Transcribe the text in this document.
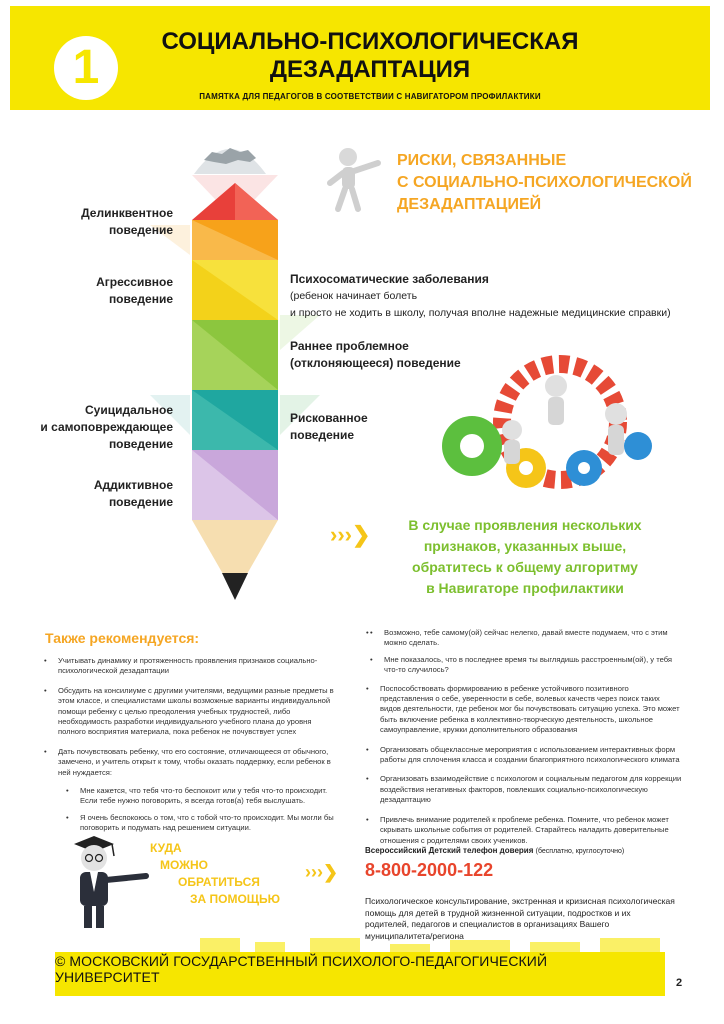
1	СОЦИАЛЬНО-ПСИХОЛОГИЧЕСКАЯ ДЕЗАДАПТАЦИЯ
ПАМЯТКА ДЛЯ ПЕДАГОГОВ В СООТВЕТСТВИИ С НАВИГАТОРОМ ПРОФИЛАКТИКИ
Делинквентное
поведение
Агрессивное
поведение
Суицидальное
и самоповреждающее
поведение
Аддиктивное
поведение
Психосоматические заболевания
(ребенок начинает болеть
и просто не ходить в школу, получая вполне надежные медицинские справки)
Раннее проблемное
(отклоняющееся) поведение
Рискованное
поведение
РИСКИ, СВЯЗАННЫЕ
С СОЦИАЛЬНО-ПСИХОЛОГИЧЕСКОЙ
ДЕЗАДАПТАЦИЕЙ
›››❯	В случае проявления нескольких
признаков, указанных выше,
обратитесь к общему алгоритму
в Навигаторе профилактики
Также рекомендуется:
• Учитывать динамику и протяженность проявления признаков социально-психологической дезадаптации
• Обсудить на консилиуме с другими учителями, ведущими разные предметы в этом классе, и специалистами школы возможные варианты индивидуальной помощи ребенку с целью преодоления учебных трудностей, либо необходимость разработки индивидуального учебного плана до уровня полного восприятия материала, пока ребенок не почувствует успех
• Дать почувствовать ребенку, что его состояние, отличающееся от обычного, замечено, и учитель открыт к тому, чтобы оказать поддержку, если ребенок в ней нуждается:
• Мне кажется, что тебя что-то беспокоит или у тебя что-то происходит. Если тебе нужно поговорить, я всегда готов(а) тебя выслушать.
• Я очень беспокоюсь о том, что с тобой что-то происходит. Мы могли бы поговорить и подумать над решением ситуации.
• • Возможно, тебе самому(ой) сейчас нелегко, давай вместе подумаем, что с этим можно сделать.
• Мне показалось, что в последнее время ты выглядишь расстроенным(ой), у тебя что-то случилось?
• Поспособствовать формированию в ребенке устойчивого позитивного представления о себе, уверенности в себе, волевых качеств через поиск таких видов деятельности, где ребенок мог бы почувствовать ситуацию успеха. Это может быть включение ребенка в коллективно-творческую деятельность, школьное самоуправление, кружки дополнительного образования
• Организовать общеклассные мероприятия с использованием интерактивных форм работы для сплочения класса и создании благоприятного психологического климата
• Организовать взаимодействие с психологом и социальным педагогом для коррекции воздействия негативных факторов, повлекших социально-психологическую дезадаптацию
• Привлечь внимание родителей к проблеме ребенка. Помните, что ребенок может скрывать школьные события от родителей. Старайтесь наладить доверительные отношения с родителями своих учеников.
КУДА
МОЖНО
ОБРАТИТЬСЯ
ЗА ПОМОЩЬЮ
›››❯
Всероссийский Детский телефон доверия (бесплатно, круглосуточно)
8-800-2000-122
Психологическое консультирование, экстренная и кризисная психологическая помощь для детей в трудной жизненной ситуации, подростков и их родителей, педагогов и специалистов в организациях Вашего муниципалитета/региона
© МОСКОВСКИЙ ГОСУДАРСТВЕННЫЙ ПСИХОЛОГО-ПЕДАГОГИЧЕСКИЙ УНИВЕРСИТЕТ	2
